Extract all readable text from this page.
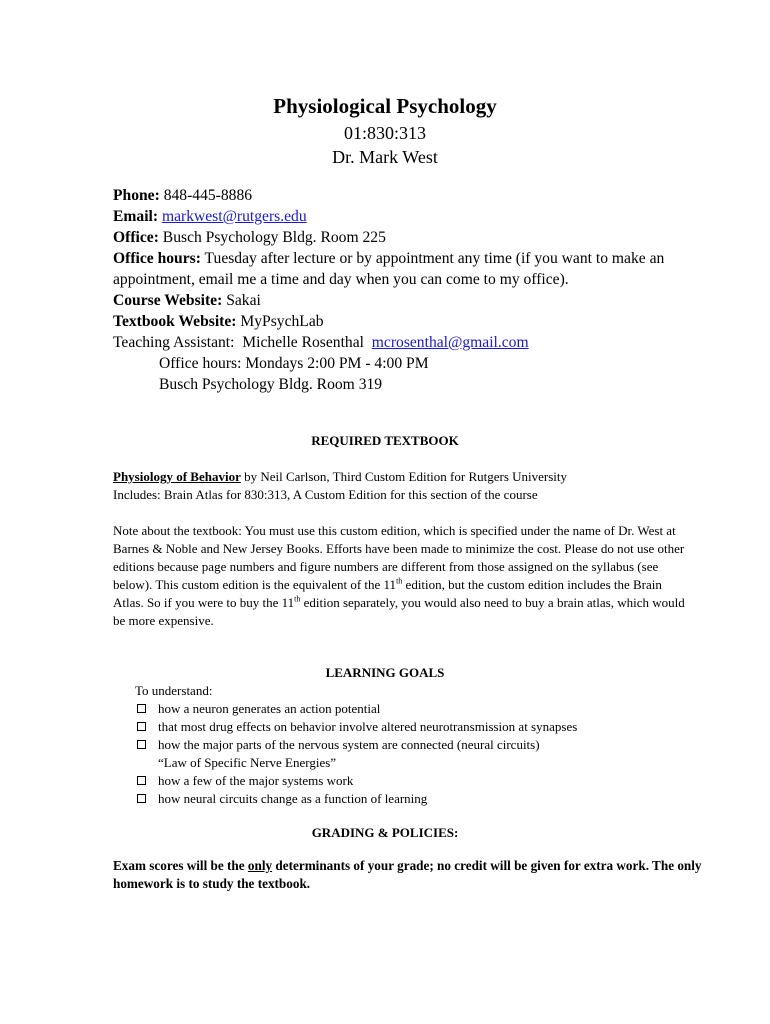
Physiological Psychology
01:830:313
Dr. Mark West
Phone: 848-445-8886
Email: markwest@rutgers.edu
Office: Busch Psychology Bldg. Room 225
Office hours: Tuesday after lecture or by appointment any time (if you want to make an appointment, email me a time and day when you can come to my office).
Course Website: Sakai
Textbook Website: MyPsychLab
Teaching Assistant: Michelle Rosenthal mcrosenthal@gmail.com
Office hours: Mondays 2:00 PM - 4:00 PM
Busch Psychology Bldg. Room 319
REQUIRED TEXTBOOK
Physiology of Behavior by Neil Carlson, Third Custom Edition for Rutgers University
Includes: Brain Atlas for 830:313, A Custom Edition for this section of the course
Note about the textbook: You must use this custom edition, which is specified under the name of Dr. West at Barnes & Noble and New Jersey Books. Efforts have been made to minimize the cost. Please do not use other editions because page numbers and figure numbers are different from those assigned on the syllabus (see below). This custom edition is the equivalent of the 11th edition, but the custom edition includes the Brain Atlas. So if you were to buy the 11th edition separately, you would also need to buy a brain atlas, which would be more expensive.
LEARNING GOALS
To understand:
how a neuron generates an action potential
that most drug effects on behavior involve altered neurotransmission at synapses
how the major parts of the nervous system are connected (neural circuits)
“Law of Specific Nerve Energies”
how a few of the major systems work
how neural circuits change as a function of learning
GRADING & POLICIES:
Exam scores will be the only determinants of your grade; no credit will be given for extra work. The only homework is to study the textbook.
